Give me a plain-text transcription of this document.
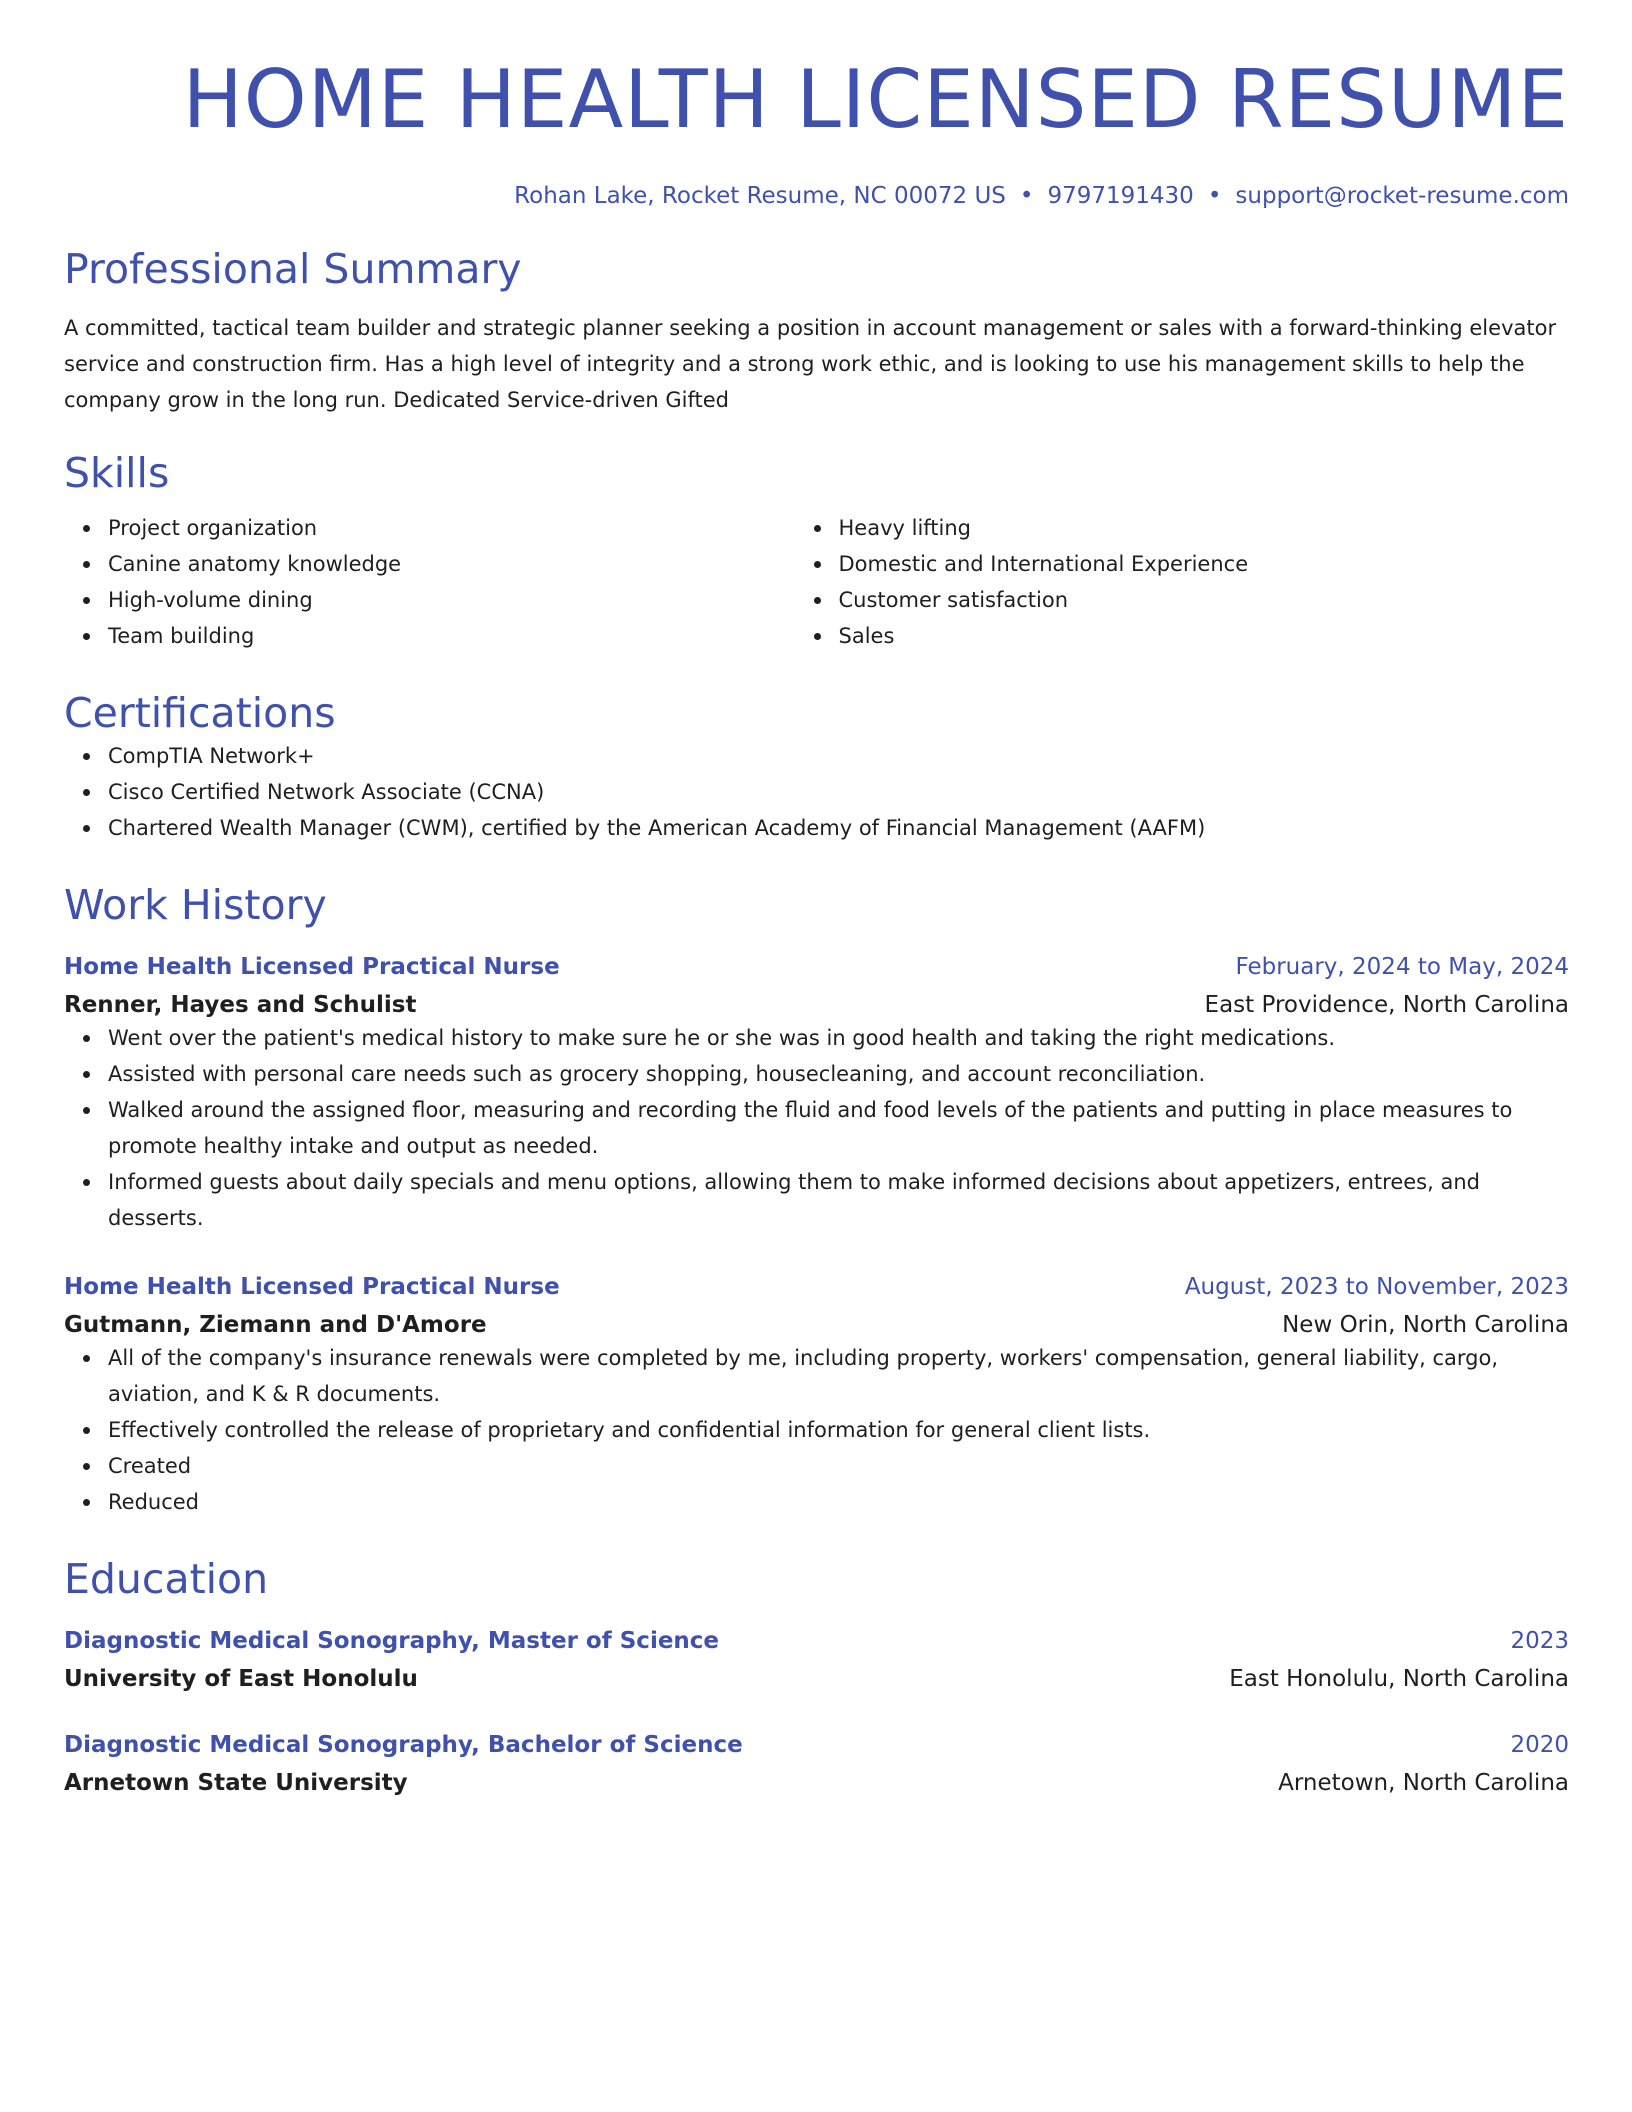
HOME HEALTH LICENSED RESUME
Rohan Lake, Rocket Resume, NC 00072 US • 9797191430 • support@rocket-resume.com
Professional Summary

A committed, tactical team builder and strategic planner seeking a position in account management or sales with a forward-thinking elevator service and construction firm. Has a high level of integrity and a strong work ethic, and is looking to use his management skills to help the company grow in the long run. Dedicated Service-driven Gifted

Skills
Project organization
Canine anatomy knowledge
High-volume dining
Team building
Heavy lifting
Domestic and International Experience
Customer satisfaction
Sales
Certifications
CompTIA Network+
Cisco Certified Network Associate (CCNA)
Chartered Wealth Manager (CWM), certified by the American Academy of Financial Management (AAFM)
Work History
Home Health Licensed Practical Nurse	February, 2024 to May, 2024
Renner, Hayes and Schulist	East Providence, North Carolina
Went over the patient's medical history to make sure he or she was in good health and taking the right medications.
Assisted with personal care needs such as grocery shopping, housecleaning, and account reconciliation.
Walked around the assigned floor, measuring and recording the fluid and food levels of the patients and putting in place measures to promote healthy intake and output as needed.
Informed guests about daily specials and menu options, allowing them to make informed decisions about appetizers, entrees, and desserts.
Home Health Licensed Practical Nurse	August, 2023 to November, 2023
Gutmann, Ziemann and D'Amore	New Orin, North Carolina
All of the company's insurance renewals were completed by me, including property, workers' compensation, general liability, cargo, aviation, and K & R documents.
Effectively controlled the release of proprietary and confidential information for general client lists.
Created
Reduced
Education
Diagnostic Medical Sonography, Master of Science	2023
University of East Honolulu	East Honolulu, North Carolina
Diagnostic Medical Sonography, Bachelor of Science	2020
Arnetown State University	Arnetown, North Carolina
